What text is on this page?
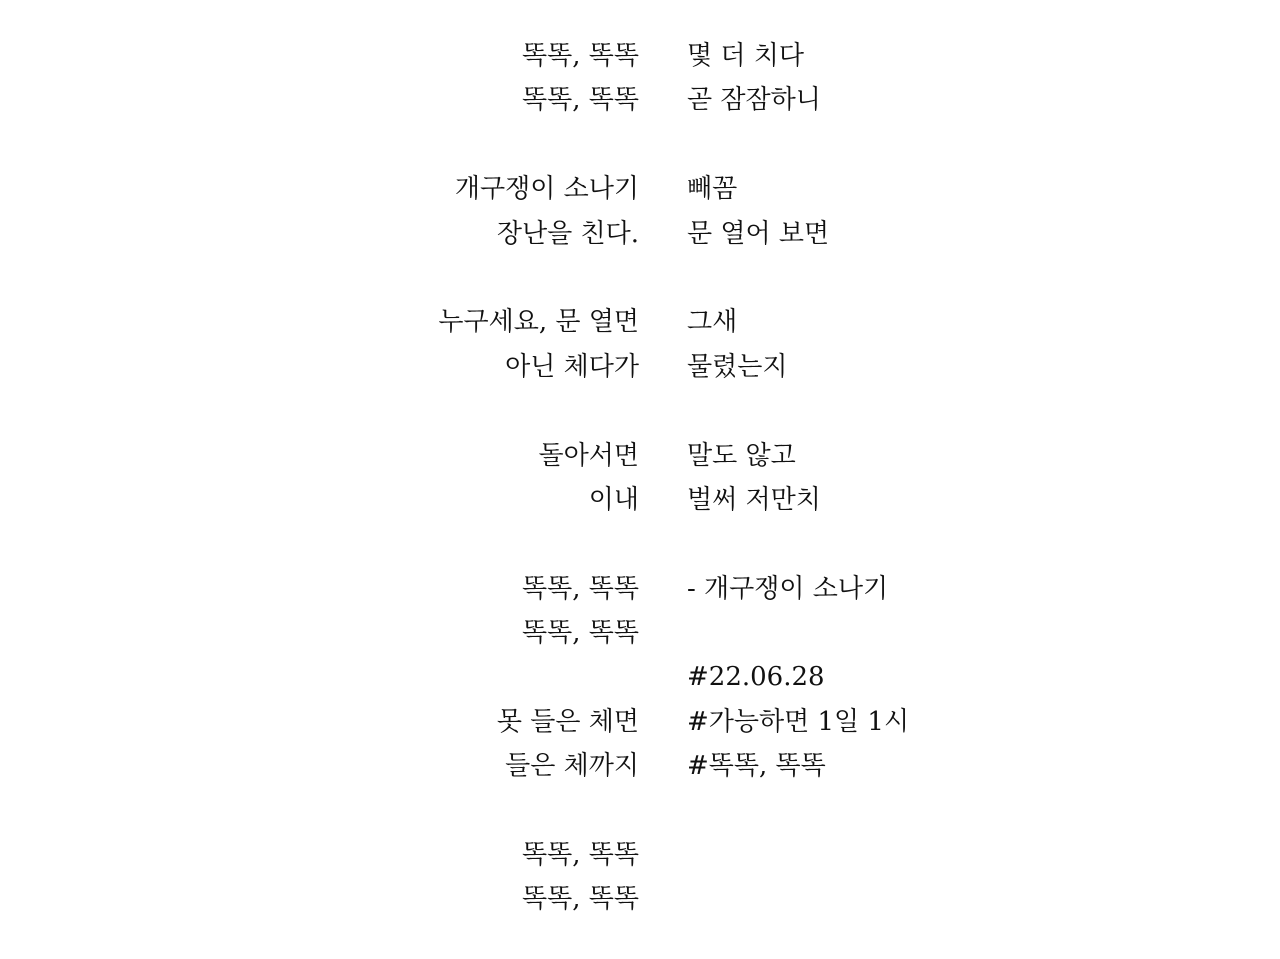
똑똑, 똑똑
똑똑, 똑똑
개구쟁이 소나기
장난을 친다.
누구세요, 문 열면
아닌 체다가
돌아서면
이내
똑똑, 똑똑
똑똑, 똑똑
못 들은 체면
들은 체까지
똑똑, 똑똑
똑똑, 똑똑
몇 더 치다
곧 잠잠하니
빼꼼
문 열어 보면
그새
물렸는지
말도 않고
벌써 저만치
- 개구쟁이 소나기
#22.06.28
#가능하면 1일 1시
#똑똑, 똑똑
